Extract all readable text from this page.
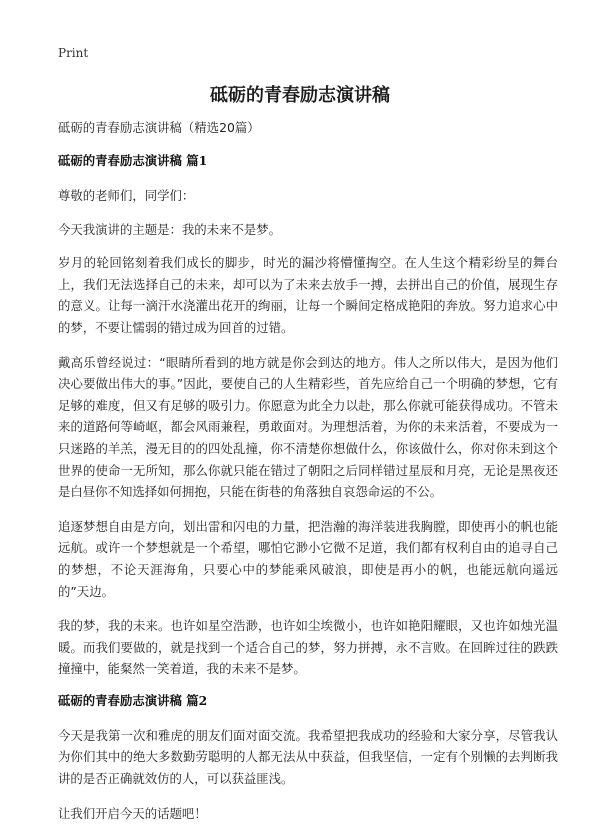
Print
砥砺的青春励志演讲稿

砥砺的青春励志演讲稿（精选20篇）

砥砺的青春励志演讲稿 篇1

尊敬的老师们，同学们：

今天我演讲的主题是：我的未来不是梦。

岁月的轮回铭刻着我们成长的脚步，时光的漏沙将懵懂掏空。在人生这个精彩纷呈的舞台上，我们无法选择自己的未来，却可以为了未来去放手一搏，去拼出自己的价值，展现生存的意义。让每一滴汗水浇灌出花开的绚丽，让每一个瞬间定格成艳阳的奔放。努力追求心中的梦，不要让懦弱的错过成为回首的过错。

戴高乐曾经说过：“眼睛所看到的地方就是你会到达的地方。伟人之所以伟大，是因为他们决心要做出伟大的事。”因此，要使自己的人生精彩些，首先应给自己一个明确的梦想，它有足够的难度，但又有足够的吸引力。你愿意为此全力以赴，那么你就可能获得成功。不管未来的道路何等崎岖，都会风雨兼程，勇敢面对。为理想活着，为你的未来活着，不要成为一只迷路的羊羔，漫无目的的四处乱撞，你不清楚你想做什么，你该做什么，你对你未到这个世界的使命一无所知，那么你就只能在错过了朝阳之后同样错过星辰和月亮，无论是黑夜还是白昼你不知选择如何拥抱，只能在街巷的角落独自哀怨命运的不公。

追逐梦想自由是方向，划出雷和闪电的力量，把浩瀚的海洋装进我胸膛，即使再小的帆也能远航。或许一个梦想就是一个希望，哪怕它渺小它微不足道，我们都有权利自由的追寻自己的梦想，不论天涯海角，只要心中的梦能乘风破浪，即使是再小的帆，也能远航向遥远的”天边。

我的梦，我的未来。也许如星空浩渺，也许如尘埃微小，也许如艳阳耀眼，又也许如烛光温暖。而我们要做的，就是找到一个适合自己的梦，努力拼搏，永不言败。在回眸过往的跌跌撞撞中，能粲然一笑着道，我的未来不是梦。

砥砺的青春励志演讲稿 篇2

今天是我第一次和雅虎的朋友们面对面交流。我希望把我成功的经验和大家分享，尽管我认为你们其中的绝大多数勤劳聪明的人都无法从中获益，但我坚信，一定有个别懒的去判断我讲的是否正确就效仿的人，可以获益匪浅。

让我们开启今天的话题吧！
